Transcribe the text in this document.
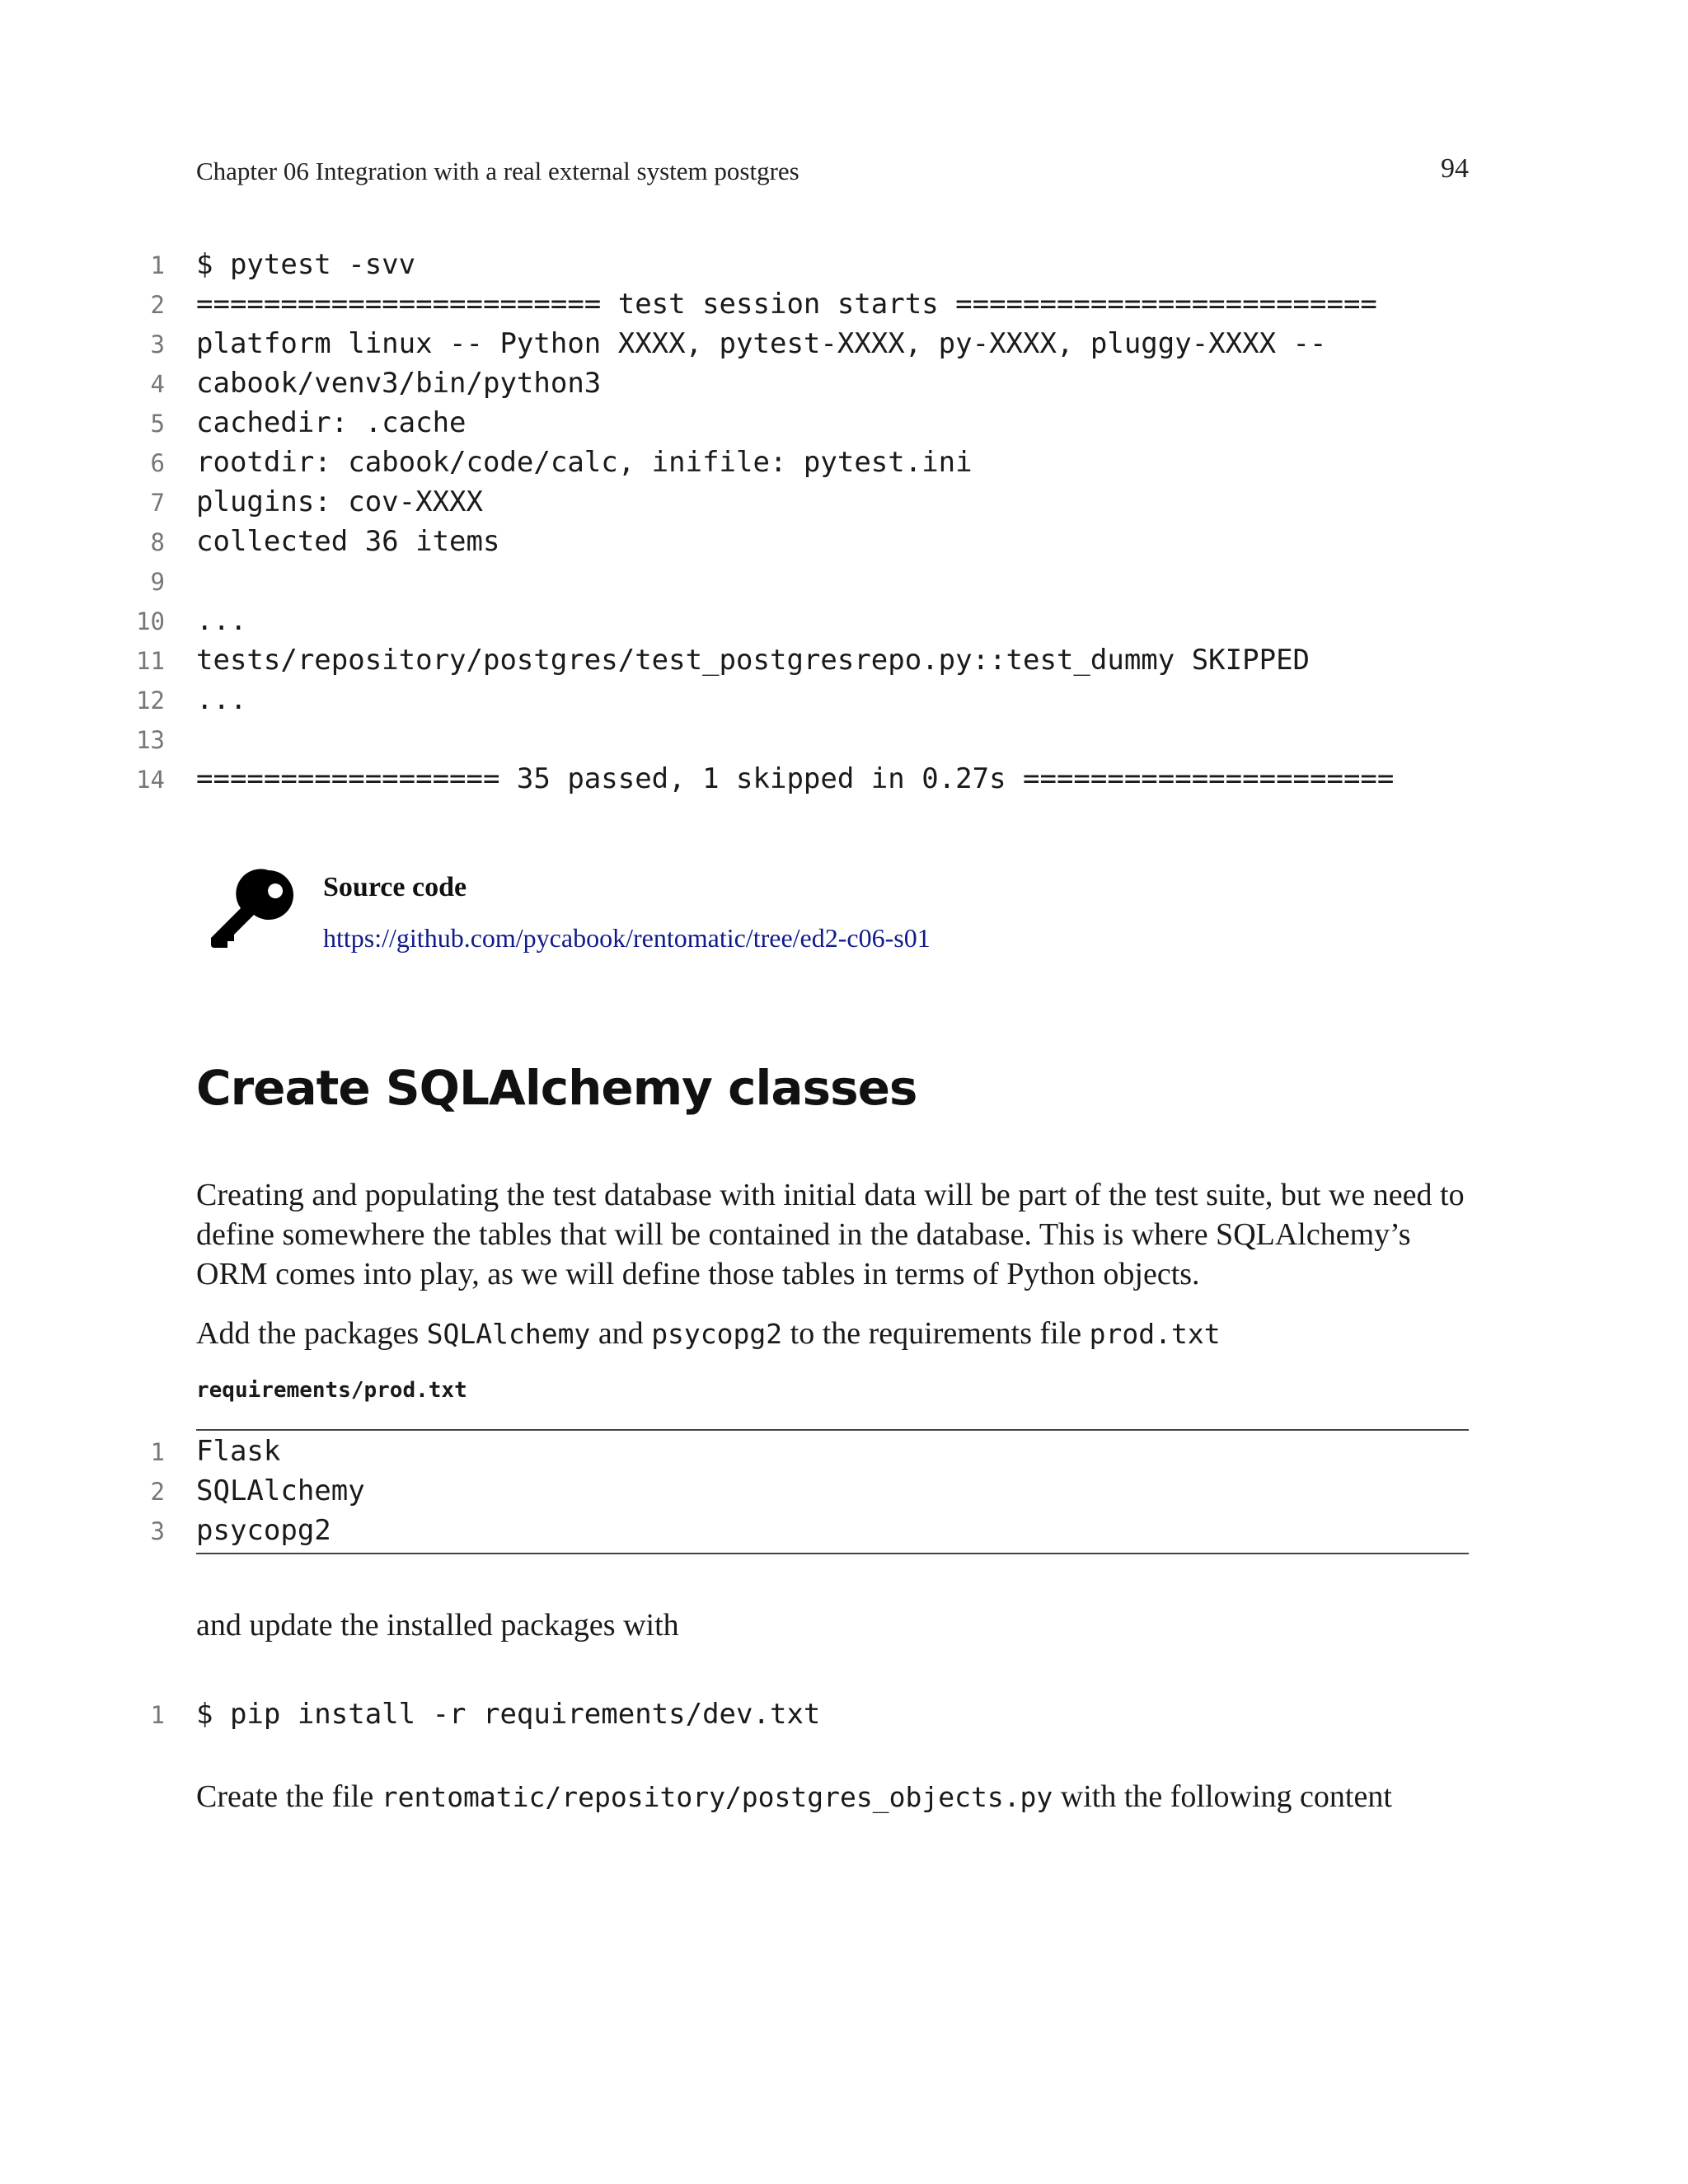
Chapter 06 Integration with a real external system postgres	94
1 $ pytest -svv
2 ======================== test session starts =========================
3 platform linux -- Python XXXX, pytest-XXXX, py-XXXX, pluggy-XXXX --
4 cabook/venv3/bin/python3
5 cachedir: .cache
6 rootdir: cabook/code/calc, inifile: pytest.ini
7 plugins: cov-XXXX
8 collected 36 items
9
10 ...
11 tests/repository/postgres/test_postgresrepo.py::test_dummy SKIPPED
12 ...
13
14 ================== 35 passed, 1 skipped in 0.27s ======================
Source code
https://github.com/pycabook/rentomatic/tree/ed2-c06-s01
Create SQLAlchemy classes

Creating and populating the test database with initial data will be part of the test suite, but we need to define somewhere the tables that will be contained in the database. This is where SQLAlchemy’s ORM comes into play, as we will define those tables in terms of Python objects.

Add the packages SQLAlchemy and psycopg2 to the requirements file prod.txt

requirements/prod.txt
1 Flask
2 SQLAlchemy
3 psycopg2

and update the installed packages with

1 $ pip install -r requirements/dev.txt

Create the file rentomatic/repository/postgres_objects.py with the following content
